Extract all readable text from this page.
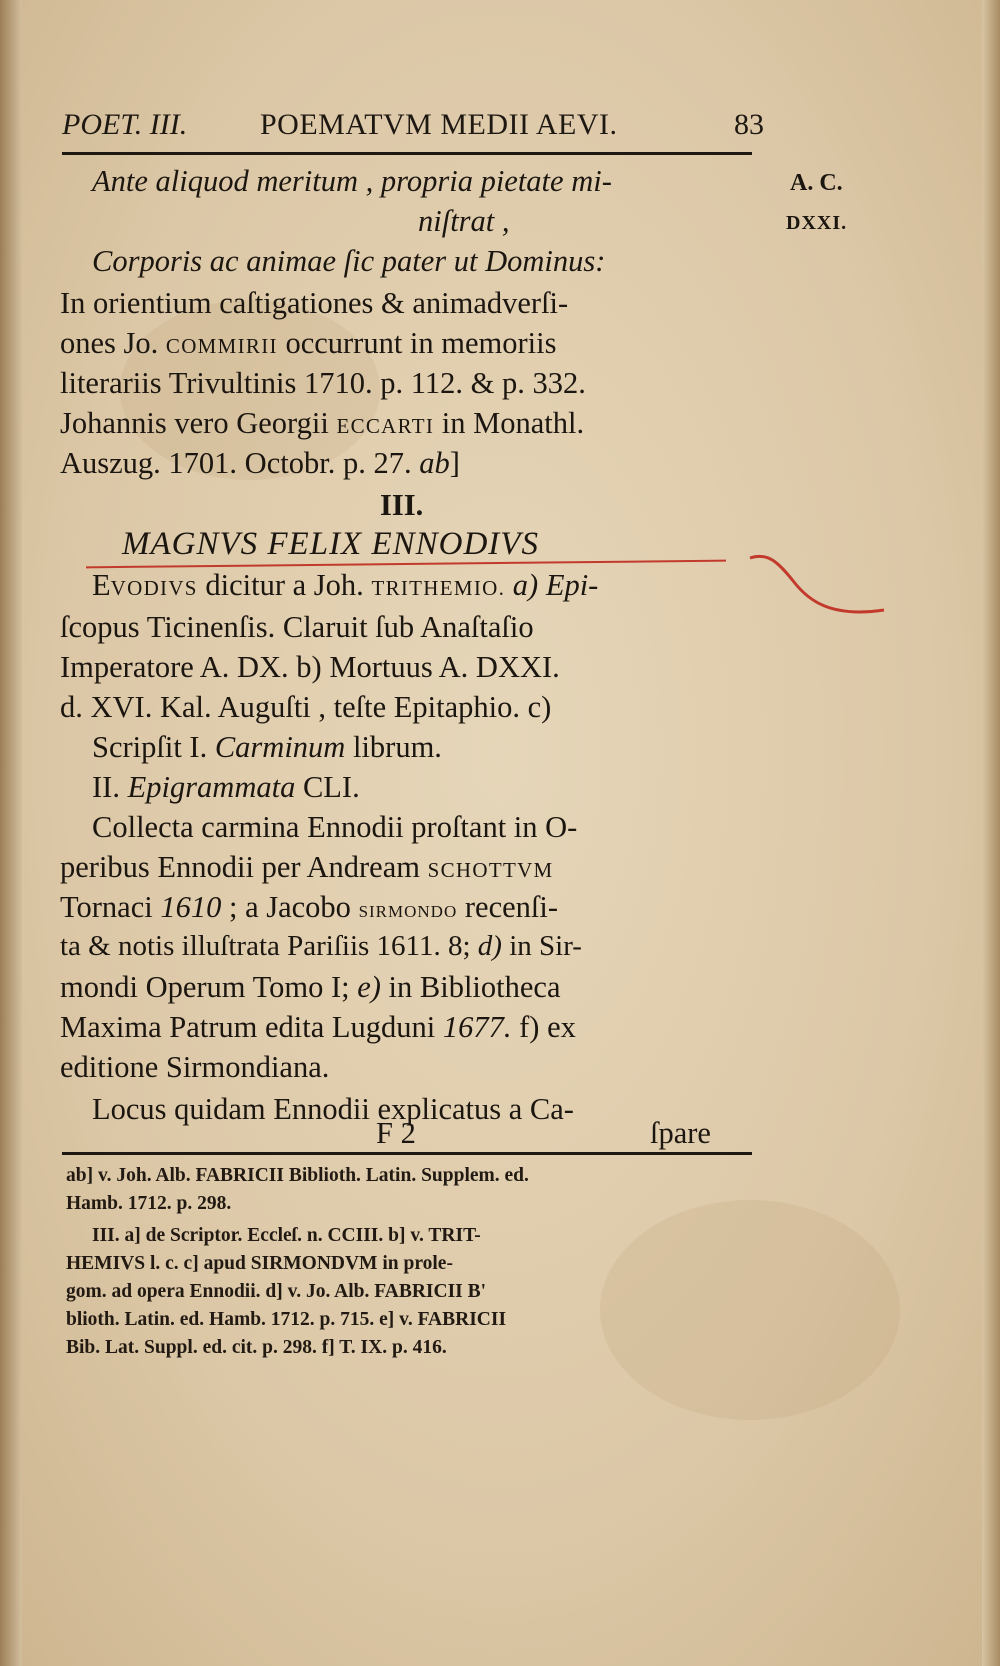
POET. III. POEMATVM MEDII AEVI.	83
A. C.
DXXI.
Ante aliquod meritum , propria pietate mi-
niſtrat ,
Corporis ac animae ſic pater ut Dominus:
In orientium caſtigationes & animadverſi-
ones Jo. COMMIRII occurrunt in memoriis
literariis Trivultinis 1710. p. 112. & p. 332.
Johannis vero Georgii ECCARTI in Monathl.
Auszug. 1701. Octobr. p. 27. ab]
III.
MAGNVS FELIX ENNODIVS
EVODIVS dicitur a Joh. TRITHEMIO. a) Epi-
ſcopus Ticinenſis. Claruit ſub Anaſtaſio
Imperatore A. DX. b) Mortuus A. DXXI.
d. XVI. Kal. Auguſti , teſte Epitaphio. c)
Scripſit I. Carminum librum.
II. Epigrammata CLI.
Collecta carmina Ennodii proſtant in O-
peribus Ennodii per Andream SCHOTTVM
Tornaci 1610 ; a Jacobo SIRMONDO recenſi-
ta & notis illuſtrata Pariſiis 1611. 8; d) in Sir-
mondi Operum Tomo I; e) in Bibliotheca
Maxima Patrum edita Lugduni 1677. f) ex
editione Sirmondiana.
Locus quidam Ennodii explicatus a Ca-
F 2	ſpare
ab] v. Joh. Alb. FABRICII Biblioth. Latin. Supplem. ed.
Hamb. 1712. p. 298.
III. a] de Scriptor. Eccleſ. n. CCIII. b] v. TRIT-
HEMIVS l. c. c] apud SIRMONDVM in prole-
gom. ad opera Ennodii. d] v. Jo. Alb. FABRICII B'
blioth. Latin. ed. Hamb. 1712. p. 715. e] v. FABRICII
Bib. Lat. Suppl. ed. cit. p. 298. f] T. IX. p. 416.
